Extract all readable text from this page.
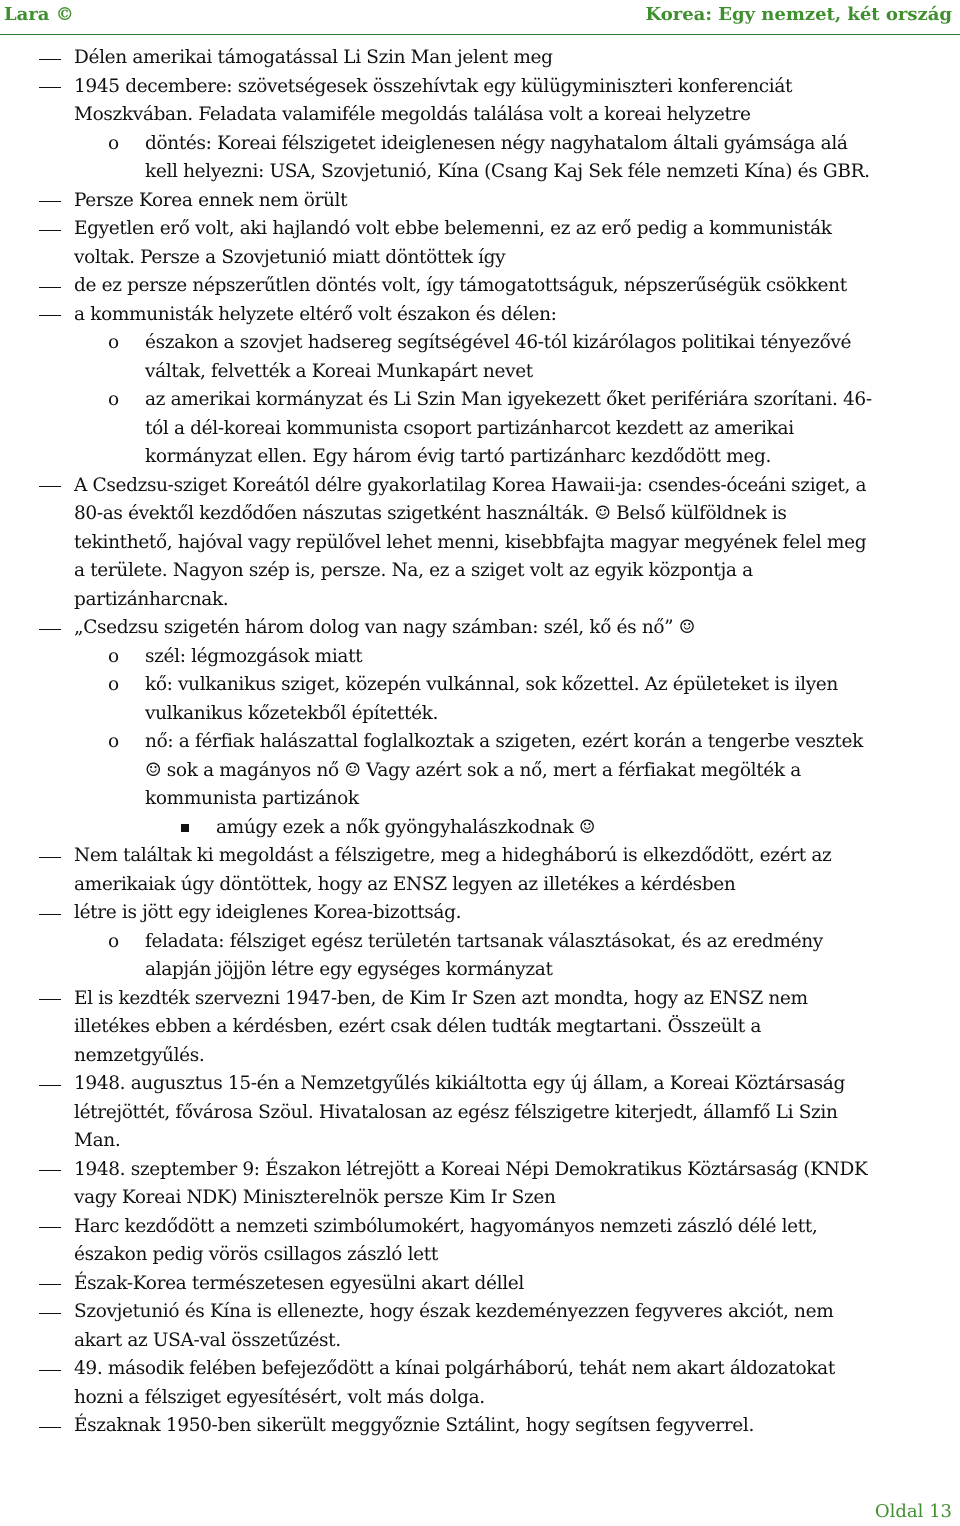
Lara ©	Korea: Egy nemzet, két ország
Délen amerikai támogatással Li Szin Man jelent meg
1945 decembere: szövetségesek összehívtak egy külügyminiszteri konferenciát
Moszkvában. Feladata valamiféle megoldás találása volt a koreai helyzetre
o döntés: Koreai félszigetet ideiglenesen négy nagyhatalom általi gyámsága alá
kell helyezni: USA, Szovjetunió, Kína (Csang Kaj Sek féle nemzeti Kína) és GBR.
Persze Korea ennek nem örült
Egyetlen erő volt, aki hajlandó volt ebbe belemenni, ez az erő pedig a kommunisták
voltak. Persze a Szovjetunió miatt döntöttek így
de ez persze népszerűtlen döntés volt, így támogatottságuk, népszerűségük csökkent
a kommunisták helyzete eltérő volt északon és délen:
o északon a szovjet hadsereg segítségével 46-tól kizárólagos politikai tényezővé
váltak, felvették a Koreai Munkapárt nevet
o az amerikai kormányzat és Li Szin Man igyekezett őket perifériára szorítani. 46-
tól a dél-koreai kommunista csoport partizánharcot kezdett az amerikai
kormányzat ellen. Egy három évig tartó partizánharc kezdődött meg.
A Csedzsu-sziget Koreától délre gyakorlatilag Korea Hawaii-ja: csendes-óceáni sziget, a
80-as évektől kezdődően nászutas szigetként használták. ☺ Belső külföldnek is
tekinthető, hajóval vagy repülővel lehet menni, kisebbfajta magyar megyének felel meg
a területe. Nagyon szép is, persze. Na, ez a sziget volt az egyik központja a
partizánharcnak.
„Csedzsu szigetén három dolog van nagy számban: szél, kő és nő” ☺
o szél: légmozgások miatt
o kő: vulkanikus sziget, közepén vulkánnal, sok kőzettel. Az épületeket is ilyen
vulkanikus kőzetekből építették.
o nő: a férfiak halászattal foglalkoztak a szigeten, ezért korán a tengerbe vesztek
☺ sok a magányos nő ☺ Vagy azért sok a nő, mert a férfiakat megölték a
kommunista partizánok
amúgy ezek a nők gyöngyhalászkodnak ☺
Nem találtak ki megoldást a félszigetre, meg a hidegháború is elkezdődött, ezért az
amerikaiak úgy döntöttek, hogy az ENSZ legyen az illetékes a kérdésben
létre is jött egy ideiglenes Korea-bizottság.
o feladata: félsziget egész területén tartsanak választásokat, és az eredmény
alapján jöjjön létre egy egységes kormányzat
El is kezdték szervezni 1947-ben, de Kim Ir Szen azt mondta, hogy az ENSZ nem
illetékes ebben a kérdésben, ezért csak délen tudták megtartani. Összeült a
nemzetgyűlés.
1948. augusztus 15-én a Nemzetgyűlés kikiáltotta egy új állam, a Koreai Köztársaság
létrejöttét, fővárosa Szöul. Hivatalosan az egész félszigetre kiterjedt, államfő Li Szin
Man.
1948. szeptember 9: Északon létrejött a Koreai Népi Demokratikus Köztársaság (KNDK
vagy Koreai NDK) Miniszterelnök persze Kim Ir Szen
Harc kezdődött a nemzeti szimbólumokért, hagyományos nemzeti zászló délé lett,
északon pedig vörös csillagos zászló lett
Észak-Korea természetesen egyesülni akart déllel
Szovjetunió és Kína is ellenezte, hogy észak kezdeményezzen fegyveres akciót, nem
akart az USA-val összetűzést.
49. második felében befejeződött a kínai polgárháború, tehát nem akart áldozatokat
hozni a félsziget egyesítésért, volt más dolga.
Északnak 1950-ben sikerült meggyőznie Sztálint, hogy segítsen fegyverrel.
Oldal 13
